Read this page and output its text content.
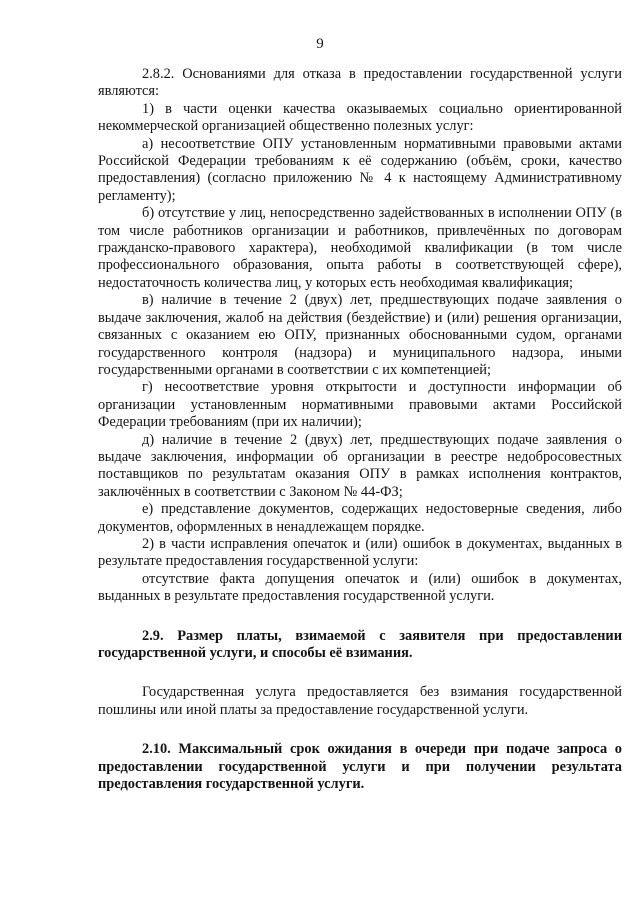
9

2.8.2. Основаниями для отказа в предоставлении государственной услуги являются:

1) в части оценки качества оказываемых социально ориентированной некоммерческой организацией общественно полезных услуг:

а) несоответствие ОПУ установленным нормативными правовыми актами Российской Федерации требованиям к её содержанию (объём, сроки, качество предоставления) (согласно приложению № 4 к настоящему Административному регламенту);

б) отсутствие у лиц, непосредственно задействованных в исполнении ОПУ (в том числе работников организации и работников, привлечённых по договорам гражданско-правового характера), необходимой квалификации (в том числе профессионального образования, опыта работы в соответствующей сфере), недостаточность количества лиц, у которых есть необходимая квалификация;

в) наличие в течение 2 (двух) лет, предшествующих подаче заявления о выдаче заключения, жалоб на действия (бездействие) и (или) решения организации, связанных с оказанием ею ОПУ, признанных обоснованными судом, органами государственного контроля (надзора) и муниципального надзора, иными государственными органами в соответствии с их компетенцией;

г) несоответствие уровня открытости и доступности информации об организации установленным нормативными правовыми актами Российской Федерации требованиям (при их наличии);

д) наличие в течение 2 (двух) лет, предшествующих подаче заявления о выдаче заключения, информации об организации в реестре недобросовестных поставщиков по результатам оказания ОПУ в рамках исполнения контрактов, заключённых в соответствии с Законом № 44-ФЗ;

е) представление документов, содержащих недостоверные сведения, либо документов, оформленных в ненадлежащем порядке.

2) в части исправления опечаток и (или) ошибок в документах, выданных в результате предоставления государственной услуги:

отсутствие факта допущения опечаток и (или) ошибок в документах, выданных в результате предоставления государственной услуги.

2.9. Размер платы, взимаемой с заявителя при предоставлении государственной услуги, и способы её взимания.

Государственная услуга предоставляется без взимания государственной пошлины или иной платы за предоставление государственной услуги.

2.10. Максимальный срок ожидания в очереди при подаче запроса о предоставлении государственной услуги и при получении результата предоставления государственной услуги.
